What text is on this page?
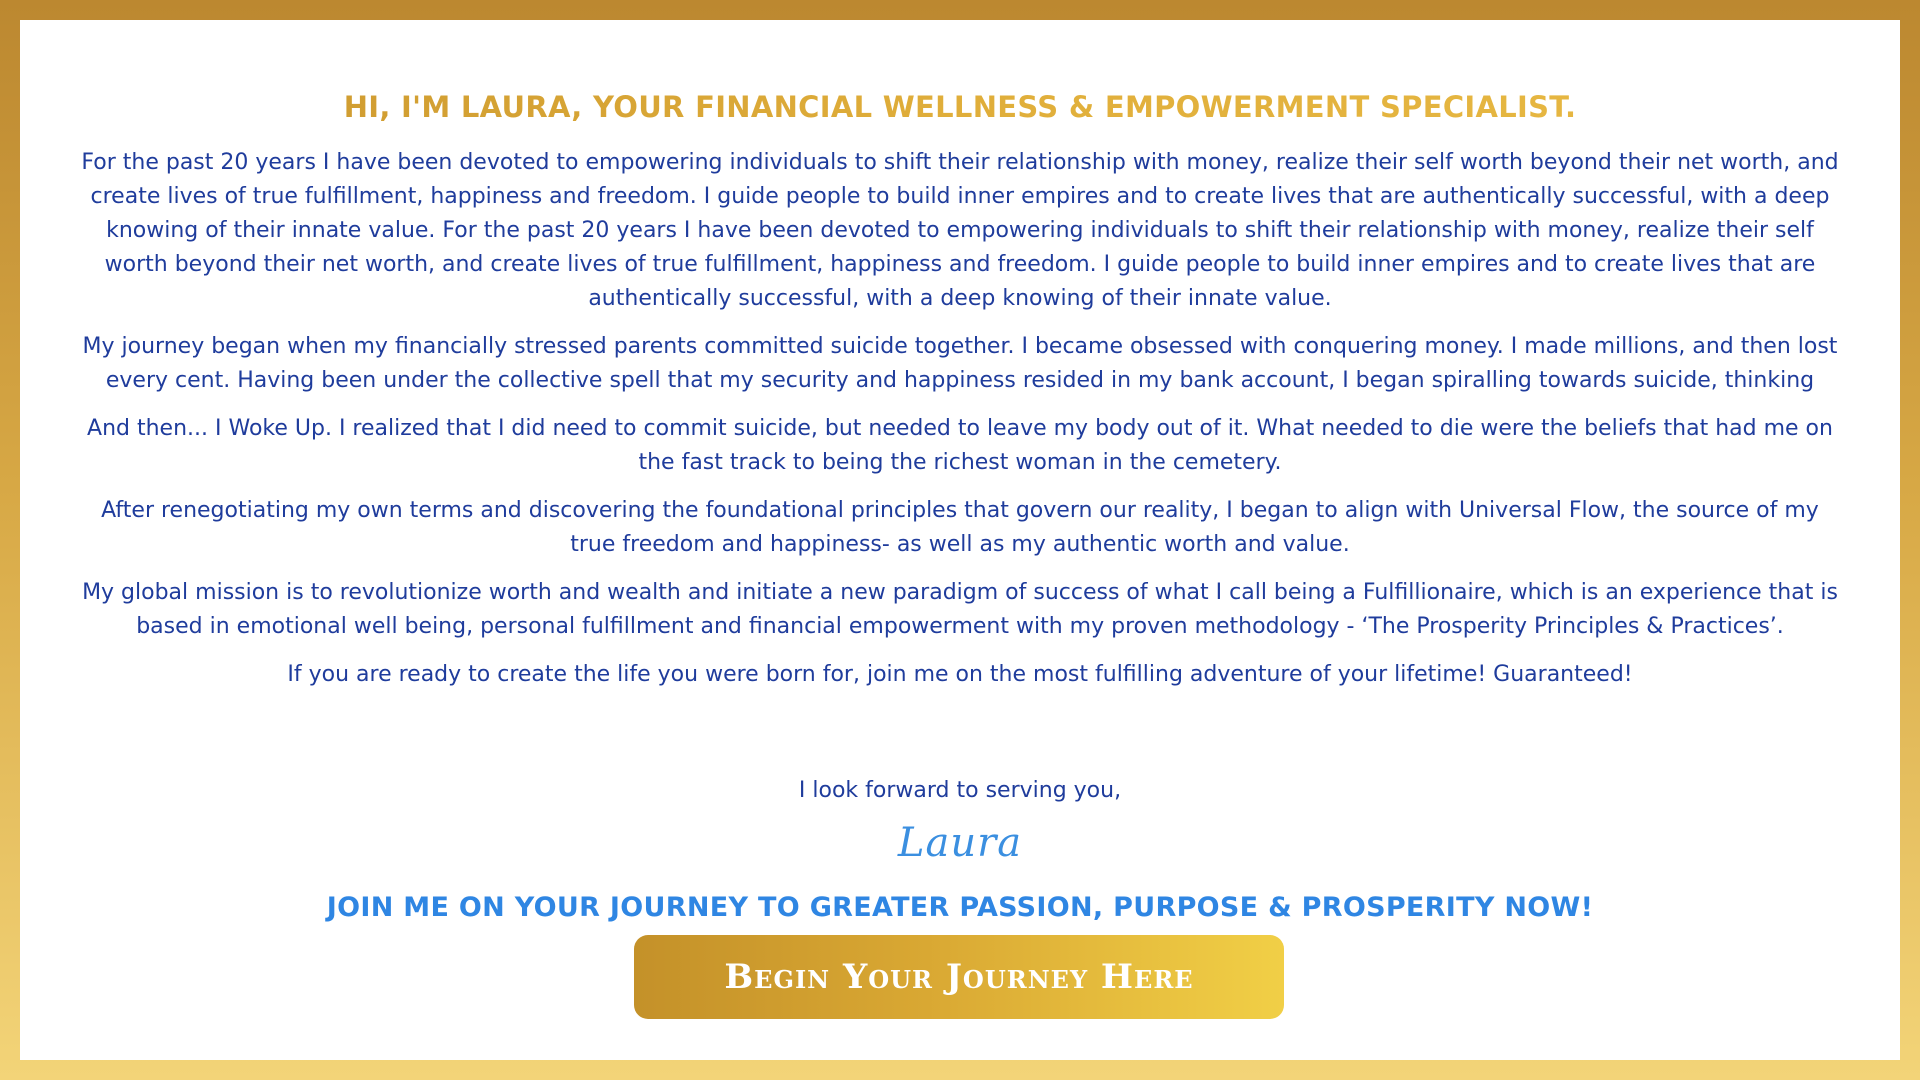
HI, I'M LAURA, YOUR FINANCIAL WELLNESS & EMPOWERMENT SPECIALIST.

For the past 20 years I have been devoted to empowering individuals to shift their relationship with money, realize their self worth beyond their net worth, and create lives of true fulfillment, happiness and freedom. I guide people to build inner empires and to create lives that are authentically successful, with a deep knowing of their innate value. For the past 20 years I have been devoted to empowering individuals to shift their relationship with money, realize their self worth beyond their net worth, and create lives of true fulfillment, happiness and freedom. I guide people to build inner empires and to create lives that are authentically successful, with a deep knowing of their innate value.

My journey began when my financially stressed parents committed suicide together. I became obsessed with conquering money. I made millions, and then lost every cent. Having been under the collective spell that my security and happiness resided in my bank account, I began spiralling towards suicide, thinking

And then... I Woke Up. I realized that I did need to commit suicide, but needed to leave my body out of it. What needed to die were the beliefs that had me on the fast track to being the richest woman in the cemetery.

After renegotiating my own terms and discovering the foundational principles that govern our reality, I began to align with Universal Flow, the source of my true freedom and happiness- as well as my authentic worth and value.

My global mission is to revolutionize worth and wealth and initiate a new paradigm of success of what I call being a Fulfillionaire, which is an experience that is based in emotional well being, personal fulfillment and financial empowerment with my proven methodology - ‘The Prosperity Principles & Practices’.

If you are ready to create the life you were born for, join me on the most fulfilling adventure of your lifetime! Guaranteed!

I look forward to serving you,

Laura

JOIN ME ON YOUR JOURNEY TO GREATER PASSION, PURPOSE & PROSPERITY NOW!
Begin Your Journey Here
